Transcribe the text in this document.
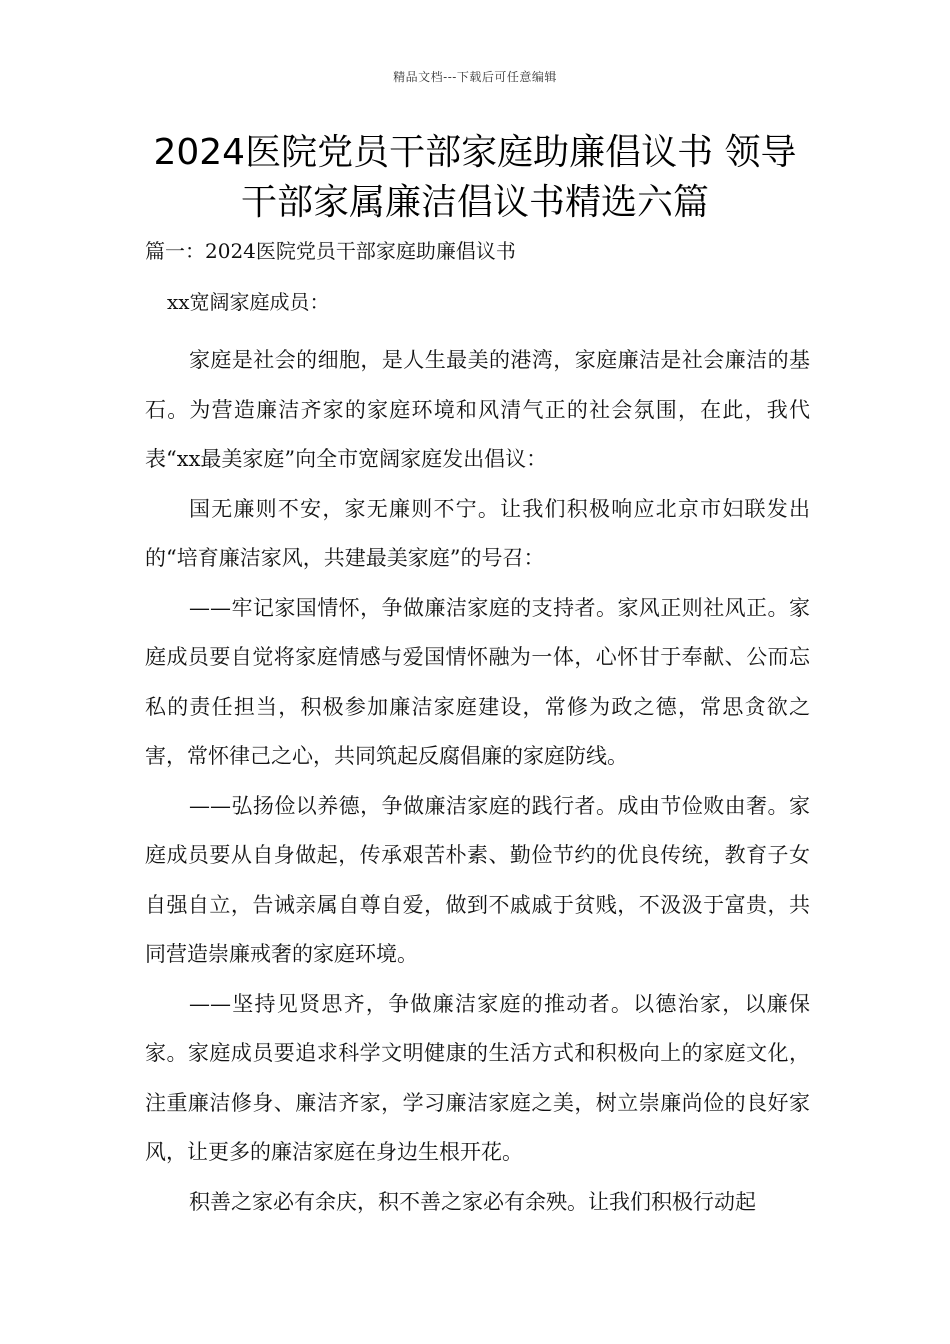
精品文档---下载后可任意编辑
2024医院党员干部家庭助廉倡议书 领导干部家属廉洁倡议书精选六篇
篇一：2024医院党员干部家庭助廉倡议书

xx宽阔家庭成员：

家庭是社会的细胞，是人生最美的港湾，家庭廉洁是社会廉洁的基石。为营造廉洁齐家的家庭环境和风清气正的社会氛围，在此，我代表“xx最美家庭”向全市宽阔家庭发出倡议：

国无廉则不安，家无廉则不宁。让我们积极响应北京市妇联发出的“培育廉洁家风，共建最美家庭”的号召：

——牢记家国情怀，争做廉洁家庭的支持者。家风正则社风正。家庭成员要自觉将家庭情感与爱国情怀融为一体，心怀甘于奉献、公而忘私的责任担当，积极参加廉洁家庭建设，常修为政之德，常思贪欲之害，常怀律己之心，共同筑起反腐倡廉的家庭防线。

——弘扬俭以养德，争做廉洁家庭的践行者。成由节俭败由奢。家庭成员要从自身做起，传承艰苦朴素、勤俭节约的优良传统，教育子女自强自立，告诫亲属自尊自爱，做到不戚戚于贫贱，不汲汲于富贵，共同营造崇廉戒奢的家庭环境。

——坚持见贤思齐，争做廉洁家庭的推动者。以德治家，以廉保家。家庭成员要追求科学文明健康的生活方式和积极向上的家庭文化，注重廉洁修身、廉洁齐家，学习廉洁家庭之美，树立崇廉尚俭的良好家风，让更多的廉洁家庭在身边生根开花。

积善之家必有余庆，积不善之家必有余殃。让我们积极行动起
